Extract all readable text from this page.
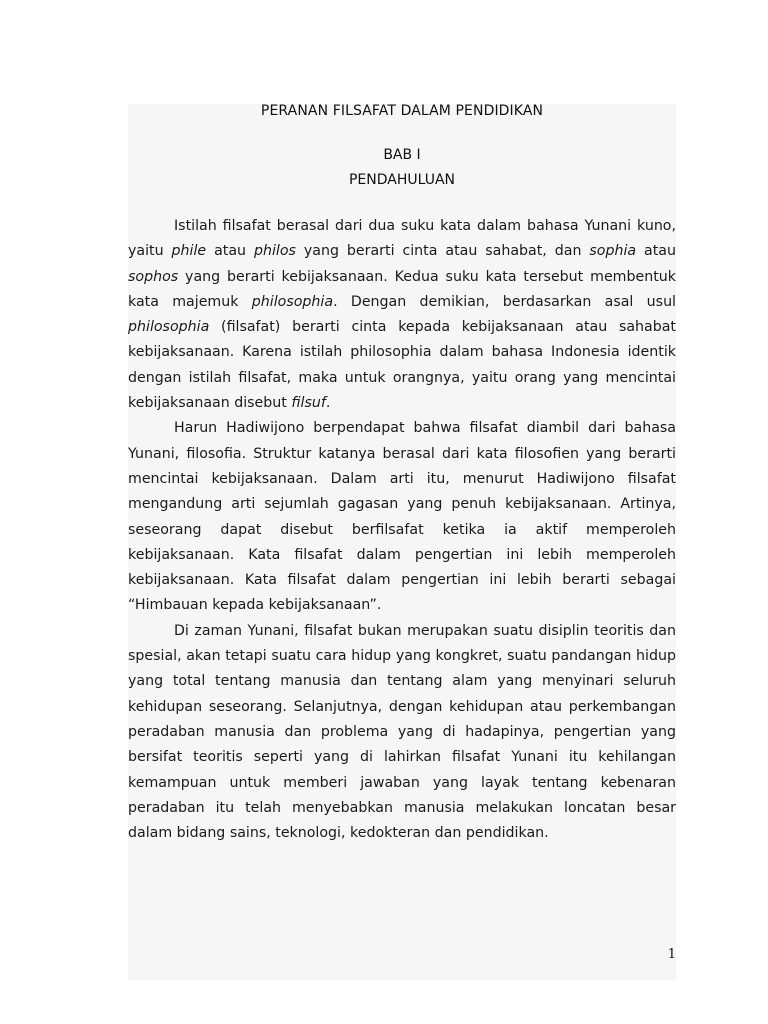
PERANAN FILSAFAT DALAM PENDIDIKAN
BAB I
PENDAHULUAN

Istilah filsafat berasal dari dua suku kata dalam bahasa Yunani kuno, yaitu phile atau philos yang berarti cinta atau sahabat, dan sophia atau sophos yang berarti kebijaksanaan. Kedua suku kata tersebut membentuk kata majemuk philosophia. Dengan demikian, berdasarkan asal usul philosophia (filsafat) berarti cinta kepada kebijaksanaan atau sahabat kebijaksanaan. Karena istilah philosophia dalam bahasa Indonesia identik dengan istilah filsafat, maka untuk orangnya, yaitu orang yang mencintai kebijaksanaan disebut filsuf.

Harun Hadiwijono berpendapat bahwa filsafat diambil dari bahasa Yunani, filosofia. Struktur katanya berasal dari kata filosofien yang berarti mencintai kebijaksanaan. Dalam arti itu, menurut Hadiwijono filsafat mengandung arti sejumlah gagasan yang penuh kebijaksanaan. Artinya, seseorang dapat disebut berfilsafat ketika ia aktif memperoleh kebijaksanaan. Kata filsafat dalam pengertian ini lebih memperoleh kebijaksanaan. Kata filsafat dalam pengertian ini lebih berarti sebagai “Himbauan kepada kebijaksanaan”.

Di zaman Yunani, filsafat bukan merupakan suatu disiplin teoritis dan spesial, akan tetapi suatu cara hidup yang kongkret, suatu pandangan hidup yang total tentang manusia dan tentang alam yang menyinari seluruh kehidupan seseorang. Selanjutnya, dengan kehidupan atau perkembangan peradaban manusia dan problema yang di hadapinya, pengertian yang bersifat teoritis seperti yang di lahirkan filsafat Yunani itu kehilangan kemampuan untuk memberi jawaban yang layak tentang kebenaran peradaban itu telah menyebabkan manusia melakukan loncatan besar dalam bidang sains, teknologi, kedokteran dan pendidikan.

1
